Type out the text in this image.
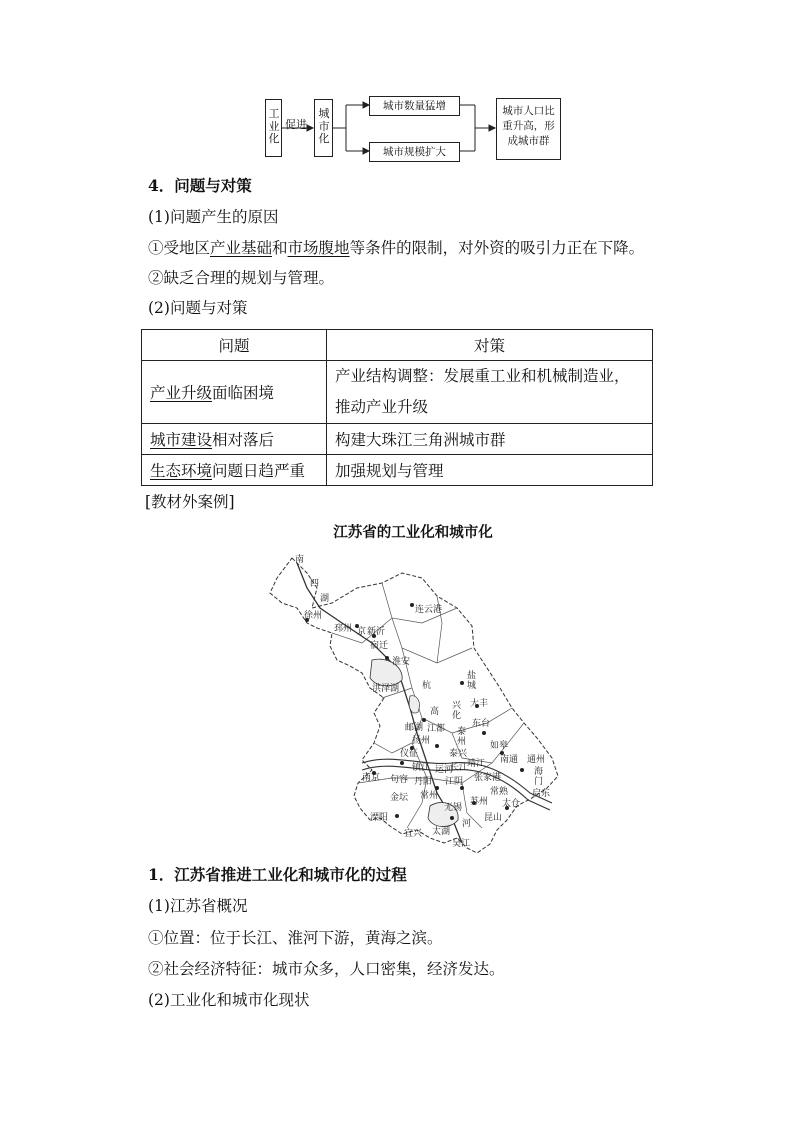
工业化
促进
城市化
城市数量猛增
城市规模扩大
城市人口比重升高，形成城市群
4．问题与对策
(1)问题产生的原因
①受地区产业基础和市场腹地等条件的限制，对外资的吸引力正在下降。
②缺乏合理的规划与管理。
(2)问题与对策
问题	对策
产业升级面临困境	产业结构调整：发展重工业和机械制造业，
推动产业升级

城市建设相对落后	构建大珠江三角洲城市群
生态环境问题日趋严重	加强规划与管理
[教材外案例]
江苏省的工业化和城市化
南
四
湖
连云港
徐州
邳州 京 新沂
宿迁
淮安
洪泽湖	杭
盐
城
大丰
东台
高
邮湖
兴
化
江都 泰
州
扬州
仪征	泰兴
靖江
如皋
南通 通州
海
门
启东
镇江 运河
长江
南京 句容 丹阳 江阴 张家港
常熟
金坛 常州
苏州 太仓
溧阳
无锡
昆山
宜兴 太湖
河
吴江
1．江苏省推进工业化和城市化的过程
(1)江苏省概况
①位置：位于长江、淮河下游，黄海之滨。
②社会经济特征：城市众多，人口密集，经济发达。
(2)工业化和城市化现状
